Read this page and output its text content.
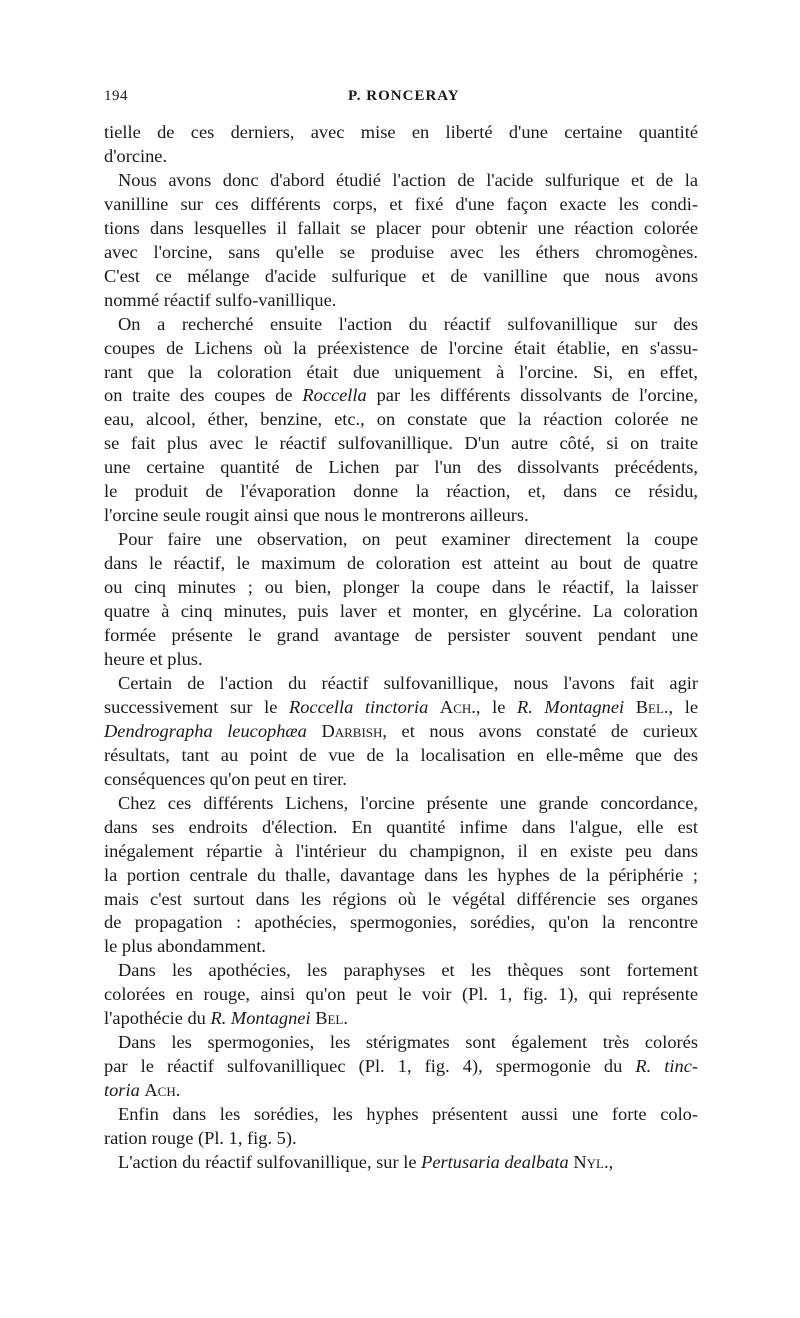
194	P. RONCERAY
tielle de ces derniers, avec mise en liberté d'une certaine quantité
d'orcine.
Nous avons donc d'abord étudié l'action de l'acide sulfurique et de la
vanilline sur ces différents corps, et fixé d'une façon exacte les condi-
tions dans lesquelles il fallait se placer pour obtenir une réaction colorée
avec l'orcine, sans qu'elle se produise avec les éthers chromogènes.
C'est ce mélange d'acide sulfurique et de vanilline que nous avons
nommé réactif sulfo-vanillique.
On a recherché ensuite l'action du réactif sulfovanillique sur des
coupes de Lichens où la préexistence de l'orcine était établie, en s'assu-
rant que la coloration était due uniquement à l'orcine. Si, en effet,
on traite des coupes de Roccella par les différents dissolvants de l'orcine,
eau, alcool, éther, benzine, etc., on constate que la réaction colorée ne
se fait plus avec le réactif sulfovanillique. D'un autre côté, si on traite
une certaine quantité de Lichen par l'un des dissolvants précédents,
le produit de l'évaporation donne la réaction, et, dans ce résidu,
l'orcine seule rougit ainsi que nous le montrerons ailleurs.
Pour faire une observation, on peut examiner directement la coupe
dans le réactif, le maximum de coloration est atteint au bout de quatre
ou cinq minutes ; ou bien, plonger la coupe dans le réactif, la laisser
quatre à cinq minutes, puis laver et monter, en glycérine. La coloration
formée présente le grand avantage de persister souvent pendant une
heure et plus.
Certain de l'action du réactif sulfovanillique, nous l'avons fait agir
successivement sur le Roccella tinctoria Ach., le R. Montagnei Bel., le
Dendrographa leucophæa Darbish, et nous avons constaté de curieux
résultats, tant au point de vue de la localisation en elle-même que des
conséquences qu'on peut en tirer.
Chez ces différents Lichens, l'orcine présente une grande concordance,
dans ses endroits d'élection. En quantité infime dans l'algue, elle est
inégalement répartie à l'intérieur du champignon, il en existe peu dans
la portion centrale du thalle, davantage dans les hyphes de la périphérie ;
mais c'est surtout dans les régions où le végétal différencie ses organes
de propagation : apothécies, spermogonies, sorédies, qu'on la rencontre
le plus abondamment.
Dans les apothécies, les paraphyses et les thèques sont fortement
colorées en rouge, ainsi qu'on peut le voir (Pl. 1, fig. 1), qui représente
l'apothécie du R. Montagnei Bel.
Dans les spermogonies, les stérigmates sont également très colorés
par le réactif sulfovanilliquec (Pl. 1, fig. 4), spermogonie du R. tinc-
toria Ach.
Enfin dans les sorédies, les hyphes présentent aussi une forte colo-
ration rouge (Pl. 1, fig. 5).
L'action du réactif sulfovanillique, sur le Pertusaria dealbata Nyl.,
